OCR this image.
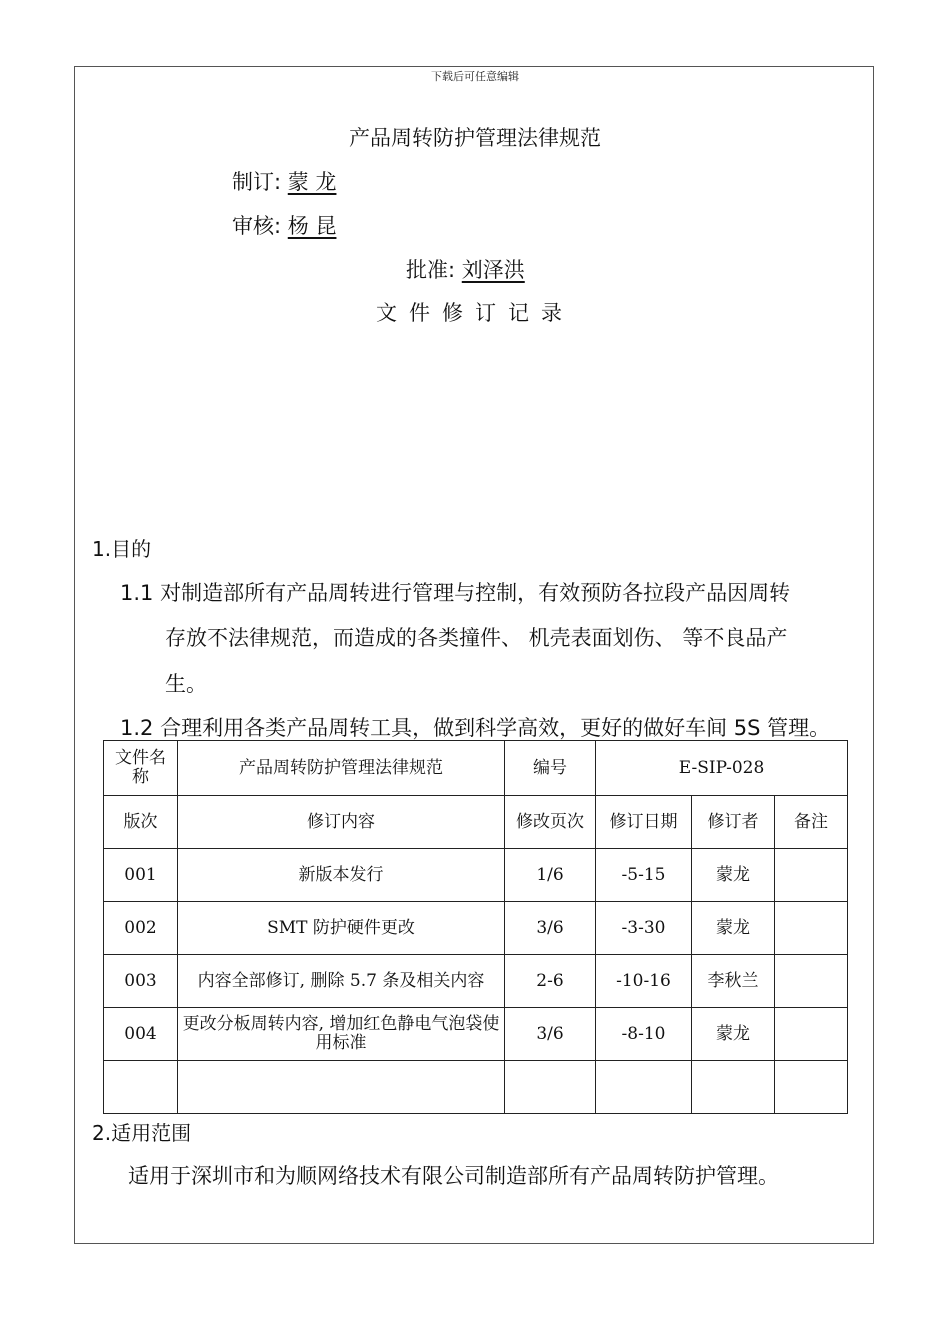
下载后可任意编辑
产品周转防护管理法律规范
制订: 蒙 龙
审核: 杨 昆
批准: 刘泽洪
文件修订记录
1.目的
1.1 对制造部所有产品周转进行管理与控制，有效预防各拉段产品因周转
存放不法律规范，而造成的各类撞件、 机壳表面划伤、 等不良品产
生。
1.2 合理利用各类产品周转工具，做到科学高效，更好的做好车间 5S 管理。
文件名称	产品周转防护管理法律规范	编号	E-SIP-028		
版次	修订内容	修改页次	修订日期	修订者	备注
001	新版本发行	1/6	-5-15	蒙龙	
002	SMT 防护硬件更改	3/6	-3-30	蒙龙	
003	内容全部修订, 删除 5.7 条及相关内容	2-6	-10-16	李秋兰	
004	更改分板周转内容, 增加红色静电气泡袋使用标准	3/6	-8-10	蒙龙	

2.适用范围
适用于深圳市和为顺网络技术有限公司制造部所有产品周转防护管理。
